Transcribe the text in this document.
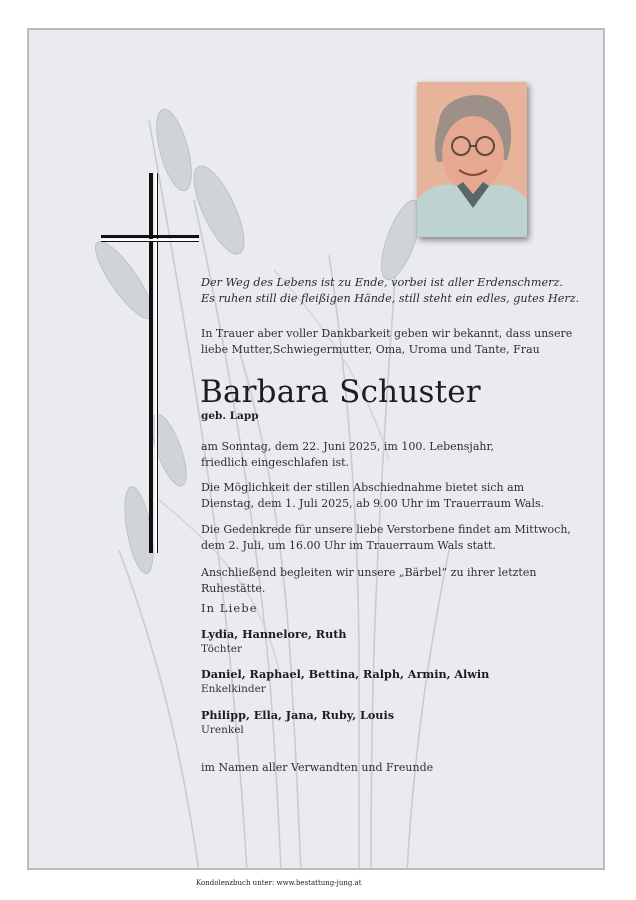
Der Weg des Lebens ist zu Ende, vorbei ist aller Erdenschmerz.
Es ruhen still die fleißigen Hände, still steht ein edles, gutes Herz.
In Trauer aber voller Dankbarkeit geben wir bekannt, dass unsere
liebe Mutter,Schwiegermutter, Oma, Uroma und Tante, Frau
Barbara Schuster
geb. Lapp
am Sonntag, dem 22. Juni 2025, im 100. Lebensjahr,
friedlich eingeschlafen ist.
Die Möglichkeit der stillen Abschiednahme bietet sich am
Dienstag, dem 1. Juli 2025, ab 9.00 Uhr im Trauerraum Wals.
Die Gedenkrede für unsere liebe Verstorbene findet am Mittwoch,
dem 2. Juli, um 16.00 Uhr im Trauerraum Wals statt.
Anschließend begleiten wir unsere „Bärbel“ zu ihrer letzten Ruhestätte.
In Liebe
Lydia, Hannelore, Ruth
Töchter
Daniel, Raphael, Bettina, Ralph, Armin, Alwin
Enkelkinder
Philipp, Ella, Jana, Ruby, Louis
Urenkel
im Namen aller Verwandten und Freunde
Kondolenzbuch unter: www.bestattung-jung.at
